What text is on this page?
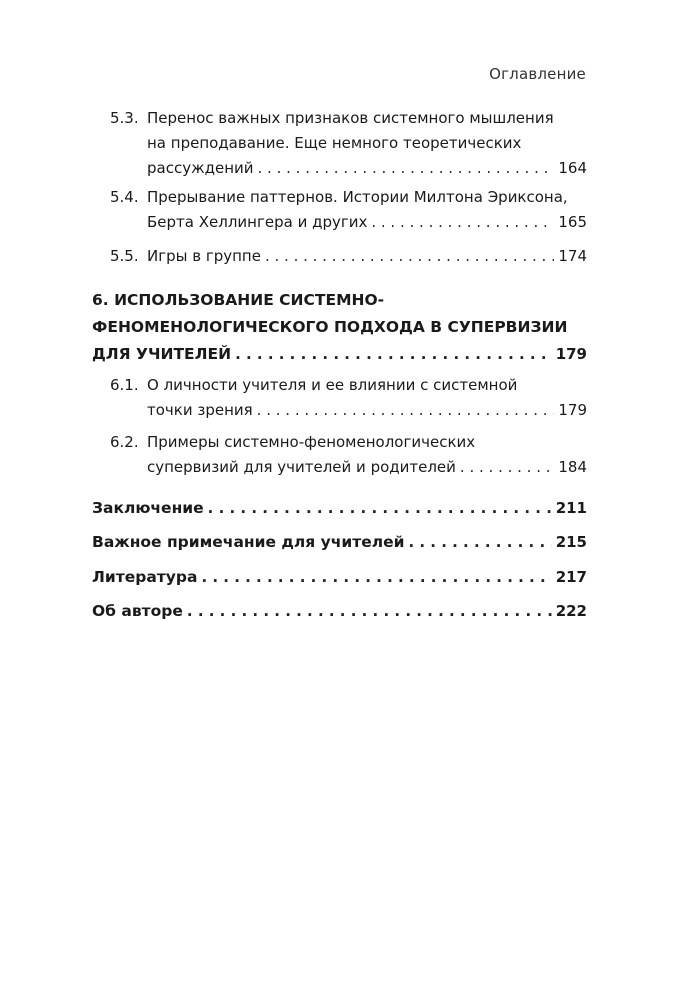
Оглавление
5.3. Перенос важных признаков системного мышления
на преподавание. Еще немного теоретических
рассуждений . . .	164
5.4. Прерывание паттернов. Истории Милтона Эриксона,
Берта Хеллингера и других . . .	165
5.5. Игры в группе . . .	174
6. ИСПОЛЬЗОВАНИЕ СИСТЕМНО-
ФЕНОМЕНОЛОГИЧЕСКОГО ПОДХОДА В СУПЕРВИЗИИ
ДЛЯ УЧИТЕЛЕЙ . . .	179
6.1. О личности учителя и ее влиянии с системной
точки зрения . . .	179
6.2. Примеры системно-феноменологических
супервизий для учителей и родителей . . .	184
Заключение . . .	211
Важное примечание для учителей . . .	215
Литература . . .	217
Об авторе . . .	222
